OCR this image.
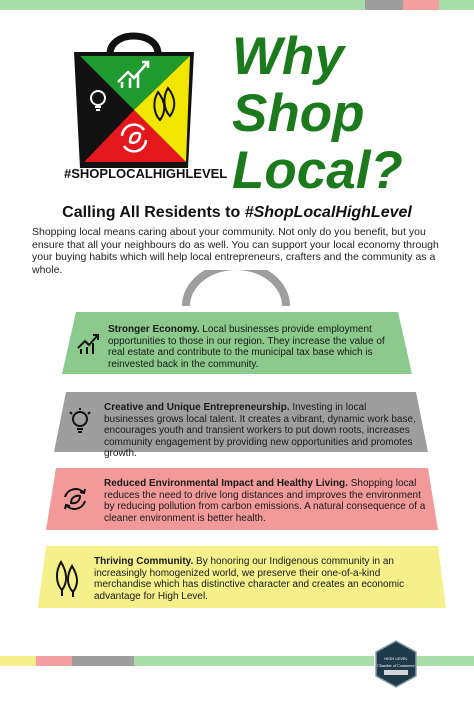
#SHOPLOCALHIGHLEVEL
Why
Shop
Local?
Calling All Residents to #ShopLocalHighLevel
Shopping local means caring about your community. Not only do you benefit, but you ensure that all your neighbours do as well. You can support your local economy through your buying habits which will help local entrepreneurs, crafters and the community as a whole.
Stronger Economy. Local businesses provide employment opportunities to those in our region. They increase the value of real estate and contribute to the municipal tax base which is reinvested back in the community.
Creative and Unique Entrepreneurship. Investing in local businesses grows local talent. It creates a vibrant, dynamic work base, encourages youth and transient workers to put down roots, increases community engagement by providing new opportunities and promotes growth.
Reduced Environmental Impact and Healthy Living. Shopping local reduces the need to drive long distances and improves the environment by reducing pollution from carbon emissions. A natural consequence of a cleaner environment is better health.
Thriving Community. By honoring our Indigenous community in an increasingly homogenized world, we preserve their one-of-a-kind merchandise which has distinctive character and creates an economic advantage for High Level.
HIGH LEVEL
Chamber of Commerce
